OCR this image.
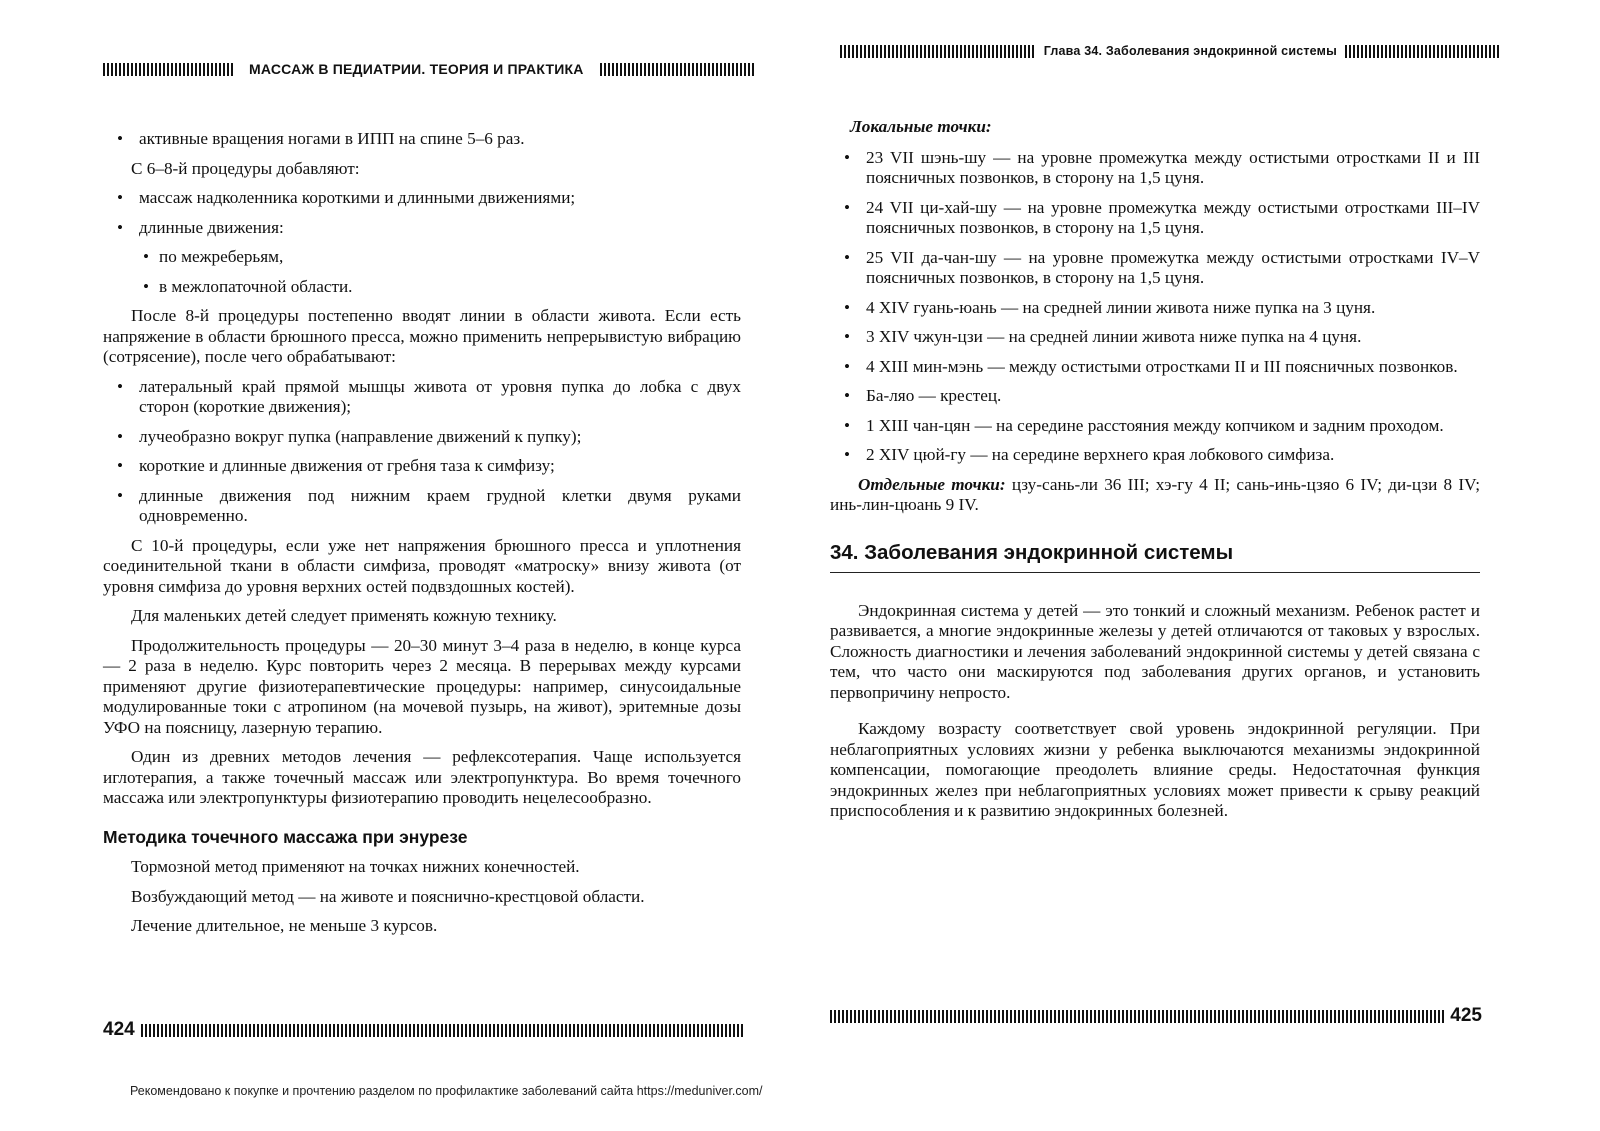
МАССАЖ В ПЕДИАТРИИ. ТЕОРИЯ И ПРАКТИКА
• активные вращения ногами в ИПП на спине 5–6 раз.

С 6–8-й процедуры добавляют:

• массаж надколенника короткими и длинными движениями;
• длинные движения:
• по межреберьям,
• в межлопаточной области.

После 8-й процедуры постепенно вводят линии в области живота. Если есть напряжение в области брюшного пресса, можно применить непрерывистую вибрацию (сотрясение), после чего обрабатывают:

• латеральный край прямой мышцы живота от уровня пупка до лобка с двух сторон (короткие движения);
• лучеобразно вокруг пупка (направление движений к пупку);
• короткие и длинные движения от гребня таза к симфизу;
• длинные движения под нижним краем грудной клетки двумя руками одновременно.

С 10-й процедуры, если уже нет напряжения брюшного пресса и уплотнения соединительной ткани в области симфиза, проводят «матроску» внизу живота (от уровня симфиза до уровня верхних остей подвздошных костей).

Для маленьких детей следует применять кожную технику.

Продолжительность процедуры — 20–30 минут 3–4 раза в неделю, в конце курса — 2 раза в неделю. Курс повторить через 2 месяца. В перерывах между курсами применяют другие физиотерапевтические процедуры: например, синусоидальные модулированные токи с атропином (на мочевой пузырь, на живот), эритемные дозы УФО на поясницу, лазерную терапию.

Один из древних методов лечения — рефлексотерапия. Чаще используется иглотерапия, а также точечный массаж или электропунктура. Во время точечного массажа или электропунктуры физиотерапию проводить нецелесообразно.

Методика точечного массажа при энурезе

Тормозной метод применяют на точках нижних конечностей.

Возбуждающий метод — на животе и пояснично-крестцовой области.

Лечение длительное, не меньше 3 курсов.

424
Глава 34. Заболевания эндокринной системы

Локальные точки:

• 23 VII шэнь-шу — на уровне промежутка между остистыми отростками II и III поясничных позвонков, в сторону на 1,5 цуня.
• 24 VII ци-хай-шу — на уровне промежутка между остистыми отростками III–IV поясничных позвонков, в сторону на 1,5 цуня.
• 25 VII да-чан-шу — на уровне промежутка между остистыми отростками IV–V поясничных позвонков, в сторону на 1,5 цуня.
• 4 XIV гуань-юань — на средней линии живота ниже пупка на 3 цуня.
• 3 XIV чжун-цзи — на средней линии живота ниже пупка на 4 цуня.
• 4 XIII мин-мэнь — между остистыми отростками II и III поясничных позвонков.
• Ба-ляо — крестец.
• 1 XIII чан-цян — на середине расстояния между копчиком и задним проходом.
• 2 XIV цюй-гу — на середине верхнего края лобкового симфиза.

Отдельные точки: цзу-сань-ли 36 III; хэ-гу 4 II; сань-инь-цзяо 6 IV; ди-цзи 8 IV; инь-лин-цюань 9 IV.

34. Заболевания эндокринной системы

Эндокринная система у детей — это тонкий и сложный механизм. Ребенок растет и развивается, а многие эндокринные железы у детей отличаются от таковых у взрослых. Сложность диагностики и лечения заболеваний эндокринной системы у детей связана с тем, что часто они маскируются под заболевания других органов, и установить первопричину непросто.

Каждому возрасту соответствует свой уровень эндокринной регуляции. При неблагоприятных условиях жизни у ребенка выключаются механизмы эндокринной компенсации, помогающие преодолеть влияние среды. Недостаточная функция эндокринных желез при неблагоприятных условиях может привести к срыву реакций приспособления и к развитию эндокринных болезней.

425
Рекомендовано к покупке и прочтению разделом по профилактике заболеваний сайта https://meduniver.com/
